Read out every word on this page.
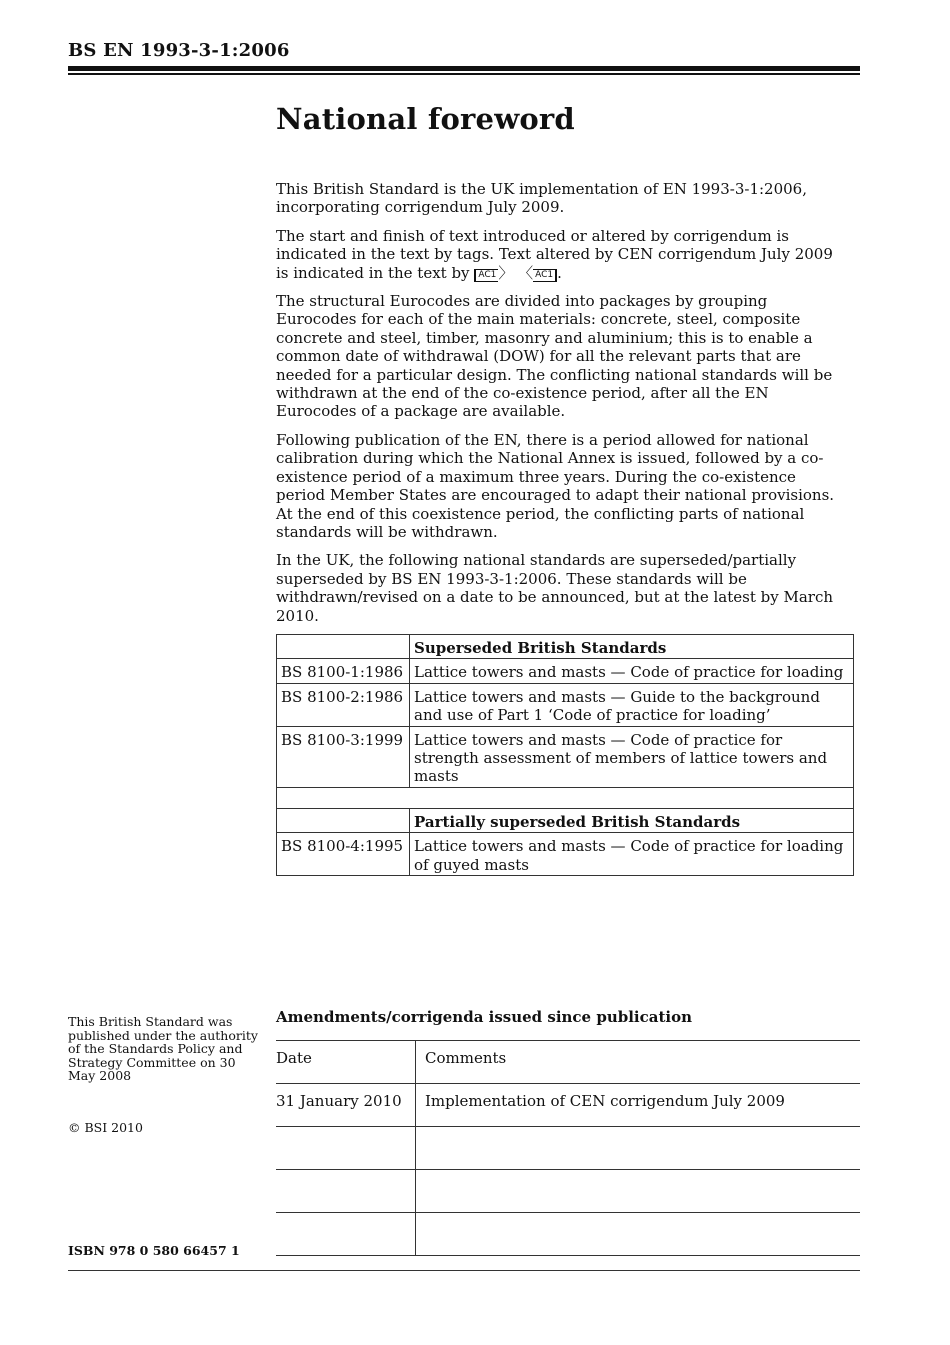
BS EN 1993-3-1:2006
National foreword

This British Standard is the UK implementation of EN 1993-3-1:2006, incorporating corrigendum July 2009.

The start and finish of text introduced or altered by corrigendum is indicated in the text by tags. Text altered by CEN corrigendum July 2009 is indicated in the text by AC1 〉 〈 AC1 .

The structural Eurocodes are divided into packages by grouping Eurocodes for each of the main materials: concrete, steel, composite concrete and steel, timber, masonry and aluminium; this is to enable a common date of withdrawal (DOW) for all the relevant parts that are needed for a particular design. The conflicting national standards will be withdrawn at the end of the co-existence period, after all the EN Eurocodes of a package are available.

Following publication of the EN, there is a period allowed for national calibration during which the National Annex is issued, followed by a co-existence period of a maximum three years. During the co-existence period Member States are encouraged to adapt their national provisions. At the end of this coexistence period, the conflicting parts of national standards will be withdrawn.

In the UK, the following national standards are superseded/partially superseded by BS EN 1993-3-1:2006. These standards will be withdrawn/revised on a date to be announced, but at the latest by March 2010.

	Superseded British Standards
BS 8100-1:1986	Lattice towers and masts — Code of practice for loading
BS 8100-2:1986	Lattice towers and masts — Guide to the background and use of Part 1 ‘Code of practice for loading’
BS 8100-3:1999	Lattice towers and masts — Code of practice for strength assessment of members of lattice towers and masts

	Partially superseded British Standards
BS 8100-4:1995	Lattice towers and masts — Code of practice for loading of guyed masts
This British Standard was published under the authority of the Standards Policy and Strategy Committee on 30 May 2008
© BSI 2010
ISBN 978 0 580 66457 1
Amendments/corrigenda issued since publication
Date	Comments

31 January 2010	Implementation of CEN corrigendum July 2009
